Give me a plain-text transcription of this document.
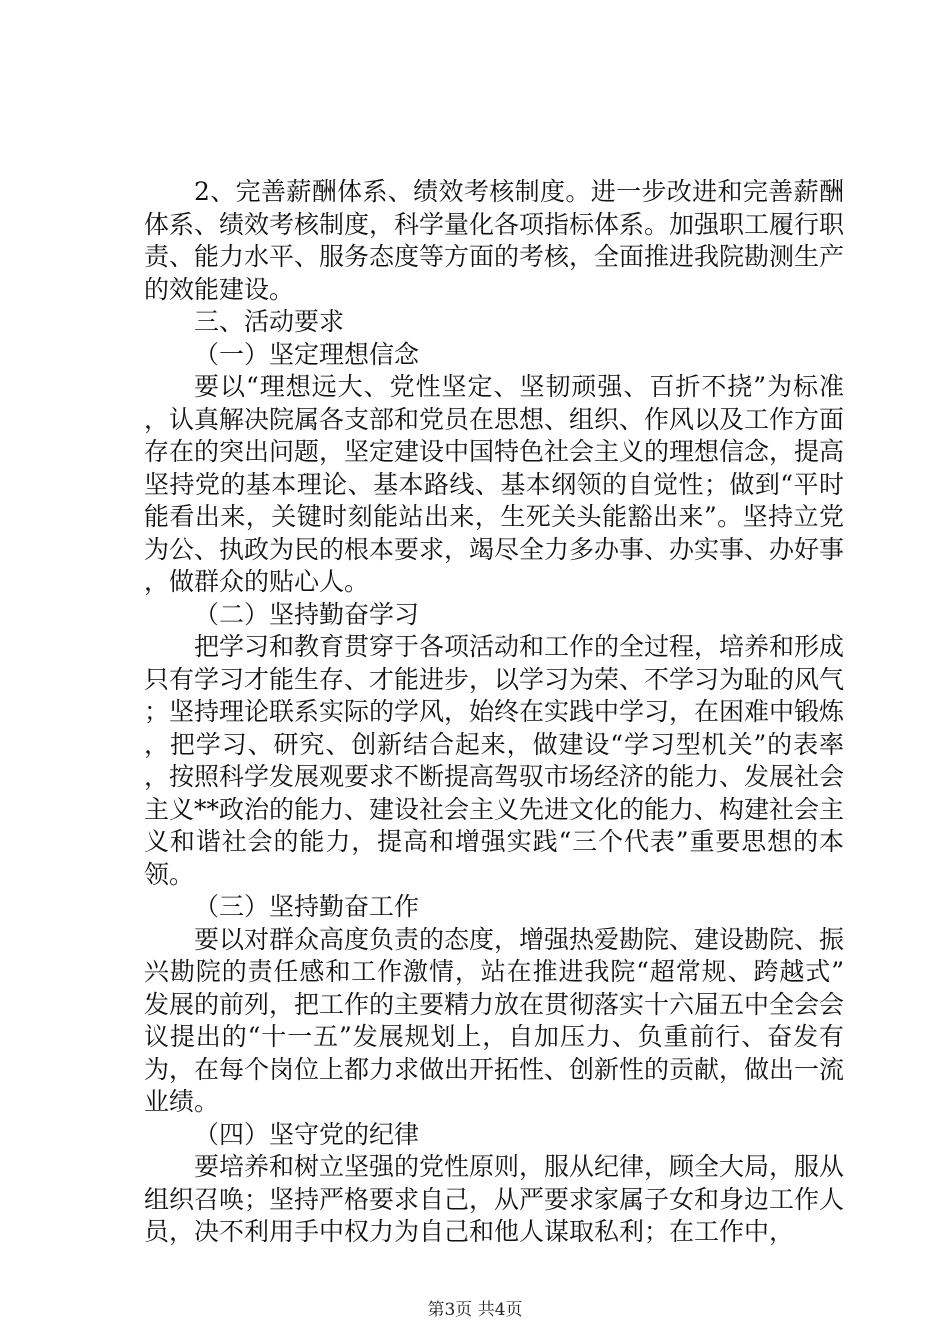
2、完善薪酬体系、绩效考核制度。进一步改进和完善薪酬体系、绩效考核制度，科学量化各项指标体系。加强职工履行职责、能力水平、服务态度等方面的考核，全面推进我院勘测生产的效能建设。

三、活动要求

（一）坚定理想信念

要以“理想远大、党性坚定、坚韧顽强、百折不挠”为标准，认真解决院属各支部和党员在思想、组织、作风以及工作方面存在的突出问题，坚定建设中国特色社会主义的理想信念，提高坚持党的基本理论、基本路线、基本纲领的自觉性；做到“平时能看出来，关键时刻能站出来，生死关头能豁出来”。坚持立党为公、执政为民的根本要求，竭尽全力多办事、办实事、办好事，做群众的贴心人。

（二）坚持勤奋学习

把学习和教育贯穿于各项活动和工作的全过程，培养和形成只有学习才能生存、才能进步，以学习为荣、不学习为耻的风气；坚持理论联系实际的学风，始终在实践中学习，在困难中锻炼，把学习、研究、创新结合起来，做建设“学习型机关”的表率，按照科学发展观要求不断提高驾驭市场经济的能力、发展社会主义**政治的能力、建设社会主义先进文化的能力、构建社会主义和谐社会的能力，提高和增强实践“三个代表”重要思想的本领。

（三）坚持勤奋工作

要以对群众高度负责的态度，增强热爱勘院、建设勘院、振兴勘院的责任感和工作激情，站在推进我院“超常规、跨越式”发展的前列，把工作的主要精力放在贯彻落实十六届五中全会会议提出的“十一五”发展规划上，自加压力、负重前行、奋发有为，在每个岗位上都力求做出开拓性、创新性的贡献，做出一流业绩。

（四）坚守党的纪律

要培养和树立坚强的党性原则，服从纪律，顾全大局，服从组织召唤；坚持严格要求自己，从严要求家属子女和身边工作人员，决不利用手中权力为自己和他人谋取私利；在工作中，

第3页 共4页
